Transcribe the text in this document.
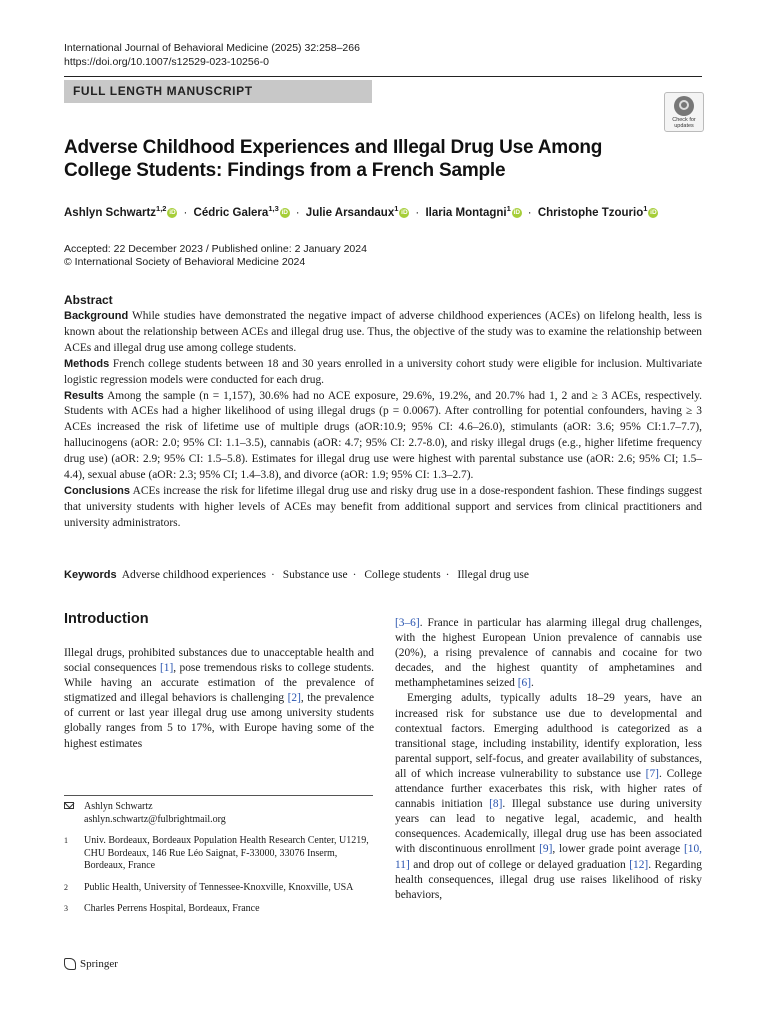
International Journal of Behavioral Medicine (2025) 32:258–266
https://doi.org/10.1007/s12529-023-10256-0
FULL LENGTH MANUSCRIPT
Check for updates
Adverse Childhood Experiences and Illegal Drug Use Among College Students: Findings from a French Sample
Ashlyn Schwartz$^{1,2}$ iD · Cédric Galera$^{1,3}$ iD · Julie Arsandaux$^1$ iD · Ilaria Montagni$^1$ iD · Christophe Tzourio$^1$ iD
Accepted: 22 December 2023 / Published online: 2 January 2024
© International Society of Behavioral Medicine 2024
Abstract

Background While studies have demonstrated the negative impact of adverse childhood experiences (ACEs) on lifelong health, less is known about the relationship between ACEs and illegal drug use. Thus, the objective of the study was to examine the relationship between ACEs and illegal drug use among college students.

Methods French college students between 18 and 30 years enrolled in a university cohort study were eligible for inclusion. Multivariate logistic regression models were conducted for each drug.

Results Among the sample (n = 1,157), 30.6% had no ACE exposure, 29.6%, 19.2%, and 20.7% had 1, 2 and ≥ 3 ACEs, respectively. Students with ACEs had a higher likelihood of using illegal drugs (p = 0.0067). After controlling for potential confounders, having ≥ 3 ACEs increased the risk of lifetime use of multiple drugs (aOR:10.9; 95% CI: 4.6–26.0), stimulants (aOR: 3.6; 95% CI:1.7–7.7), hallucinogens (aOR: 2.0; 95% CI: 1.1–3.5), cannabis (aOR: 4.7; 95% CI: 2.7-8.0), and risky illegal drugs (e.g., higher lifetime frequency drug use) (aOR: 2.9; 95% CI: 1.5–5.8). Estimates for illegal drug use were highest with parental substance use (aOR: 2.6; 95% CI; 1.5–4.4), sexual abuse (aOR: 2.3; 95% CI; 1.4–3.8), and divorce (aOR: 1.9; 95% CI: 1.3–2.7).

Conclusions ACEs increase the risk for lifetime illegal drug use and risky drug use in a dose-respondent fashion. These findings suggest that university students with higher levels of ACEs may benefit from additional support and services from clinical practitioners and university administrators.

Keywords Adverse childhood experiences · Substance use · College students · Illegal drug use
Introduction

Illegal drugs, prohibited substances due to unacceptable health and social consequences [1], pose tremendous risks to college students. While having an accurate estimation of the prevalence of stigmatized and illegal behaviors is challenging [2], the prevalence of current or last year illegal drug use among university students globally ranges from 5 to 17%, with Europe having some of the highest estimates

[3–6]. France in particular has alarming illegal drug challenges, with the highest European Union prevalence of cannabis use (20%), a rising prevalence of cannabis and cocaine for two decades, and the highest quantity of amphetamines and methamphetamines seized [6].

Emerging adults, typically adults 18–29 years, have an increased risk for substance use due to developmental and contextual factors. Emerging adulthood is categorized as a transitional stage, including instability, identify exploration, less parental support, self-focus, and greater availability of substances, all of which increase vulnerability to substance use [7]. College attendance further exacerbates this risk, with higher rates of cannabis initiation [8]. Illegal substance use during university years can lead to negative legal, academic, and health consequences. Academically, illegal drug use has been associated with discontinuous enrollment [9], lower grade point average [10, 11] and drop out of college or delayed graduation [12]. Regarding health consequences, illegal drug use raises likelihood of risky behaviors,

Ashlyn Schwartz
ashlyn.schwartz@fulbrightmail.org
1 Univ. Bordeaux, Bordeaux Population Health Research Center, U1219, CHU Bordeaux, 146 Rue Léo Saignat, F-33000, 33076 Inserm, Bordeaux, France
2 Public Health, University of Tennessee-Knoxville, Knoxville, USA
3 Charles Perrens Hospital, Bordeaux, France
Springer
